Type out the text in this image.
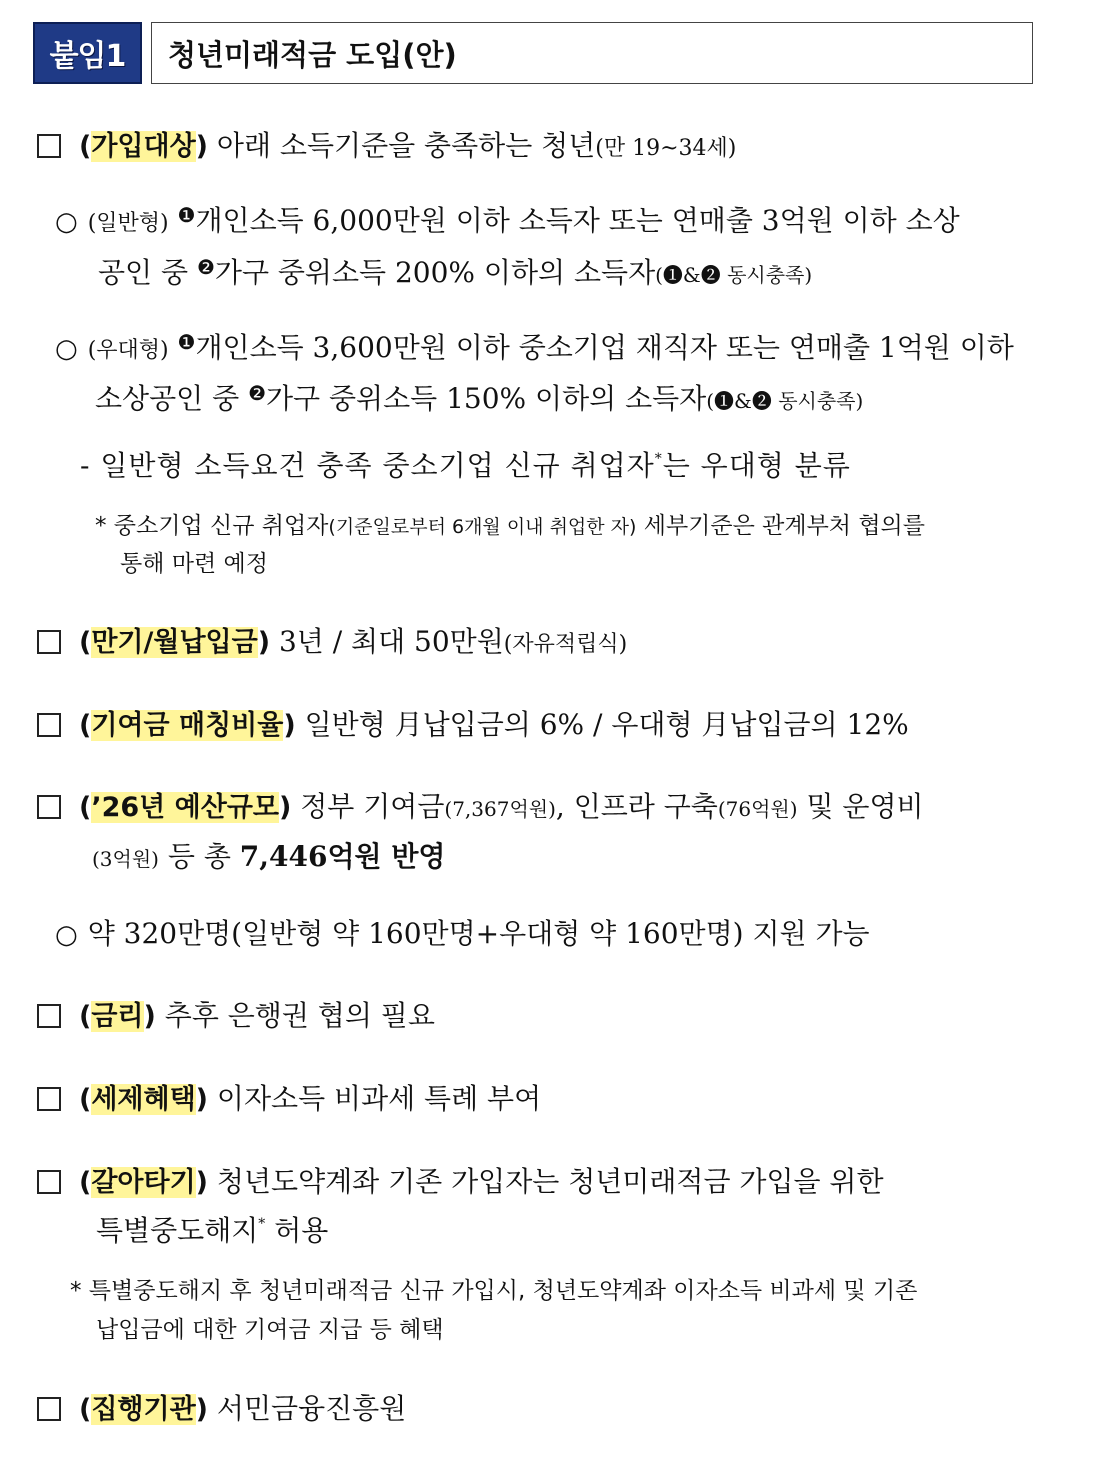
붙임1	청년미래적금 도입(안)
(가입대상) 아래 소득기준을 충족하는 청년(만 19~34세)
○ (일반형) $^❶$개인소득 6,000만원 이하 소득자 또는 연매출 3억원 이하 소상
공인 중 $^❷$가구 중위소득 200% 이하의 소득자(❶&❷ 동시충족)
○ (우대형) $^❶$개인소득 3,600만원 이하 중소기업 재직자 또는 연매출 1억원 이하
소상공인 중 $^❷$가구 중위소득 150% 이하의 소득자(❶&❷ 동시충족)
- 일반형 소득요건 충족 중소기업 신규 취업자*는 우대형 분류
* 중소기업 신규 취업자(기준일로부터 6개월 이내 취업한 자) 세부기준은 관계부처 협의를
통해 마련 예정
(만기/월납입금) 3년 / 최대 50만원(자유적립식)
(기여금 매칭비율) 일반형 月납입금의 6% / 우대형 月납입금의 12%
(’26년 예산규모) 정부 기여금(7,367억원), 인프라 구축(76억원) 및 운영비
(3억원) 등 총 7,446억원 반영
○ 약 320만명(일반형 약 160만명+우대형 약 160만명) 지원 가능
(금리) 추후 은행권 협의 필요
(세제혜택) 이자소득 비과세 특례 부여
(갈아타기) 청년도약계좌 기존 가입자는 청년미래적금 가입을 위한
특별중도해지* 허용
* 특별중도해지 후 청년미래적금 신규 가입시, 청년도약계좌 이자소득 비과세 및 기존
납입금에 대한 기여금 지급 등 혜택
(집행기관) 서민금융진흥원
